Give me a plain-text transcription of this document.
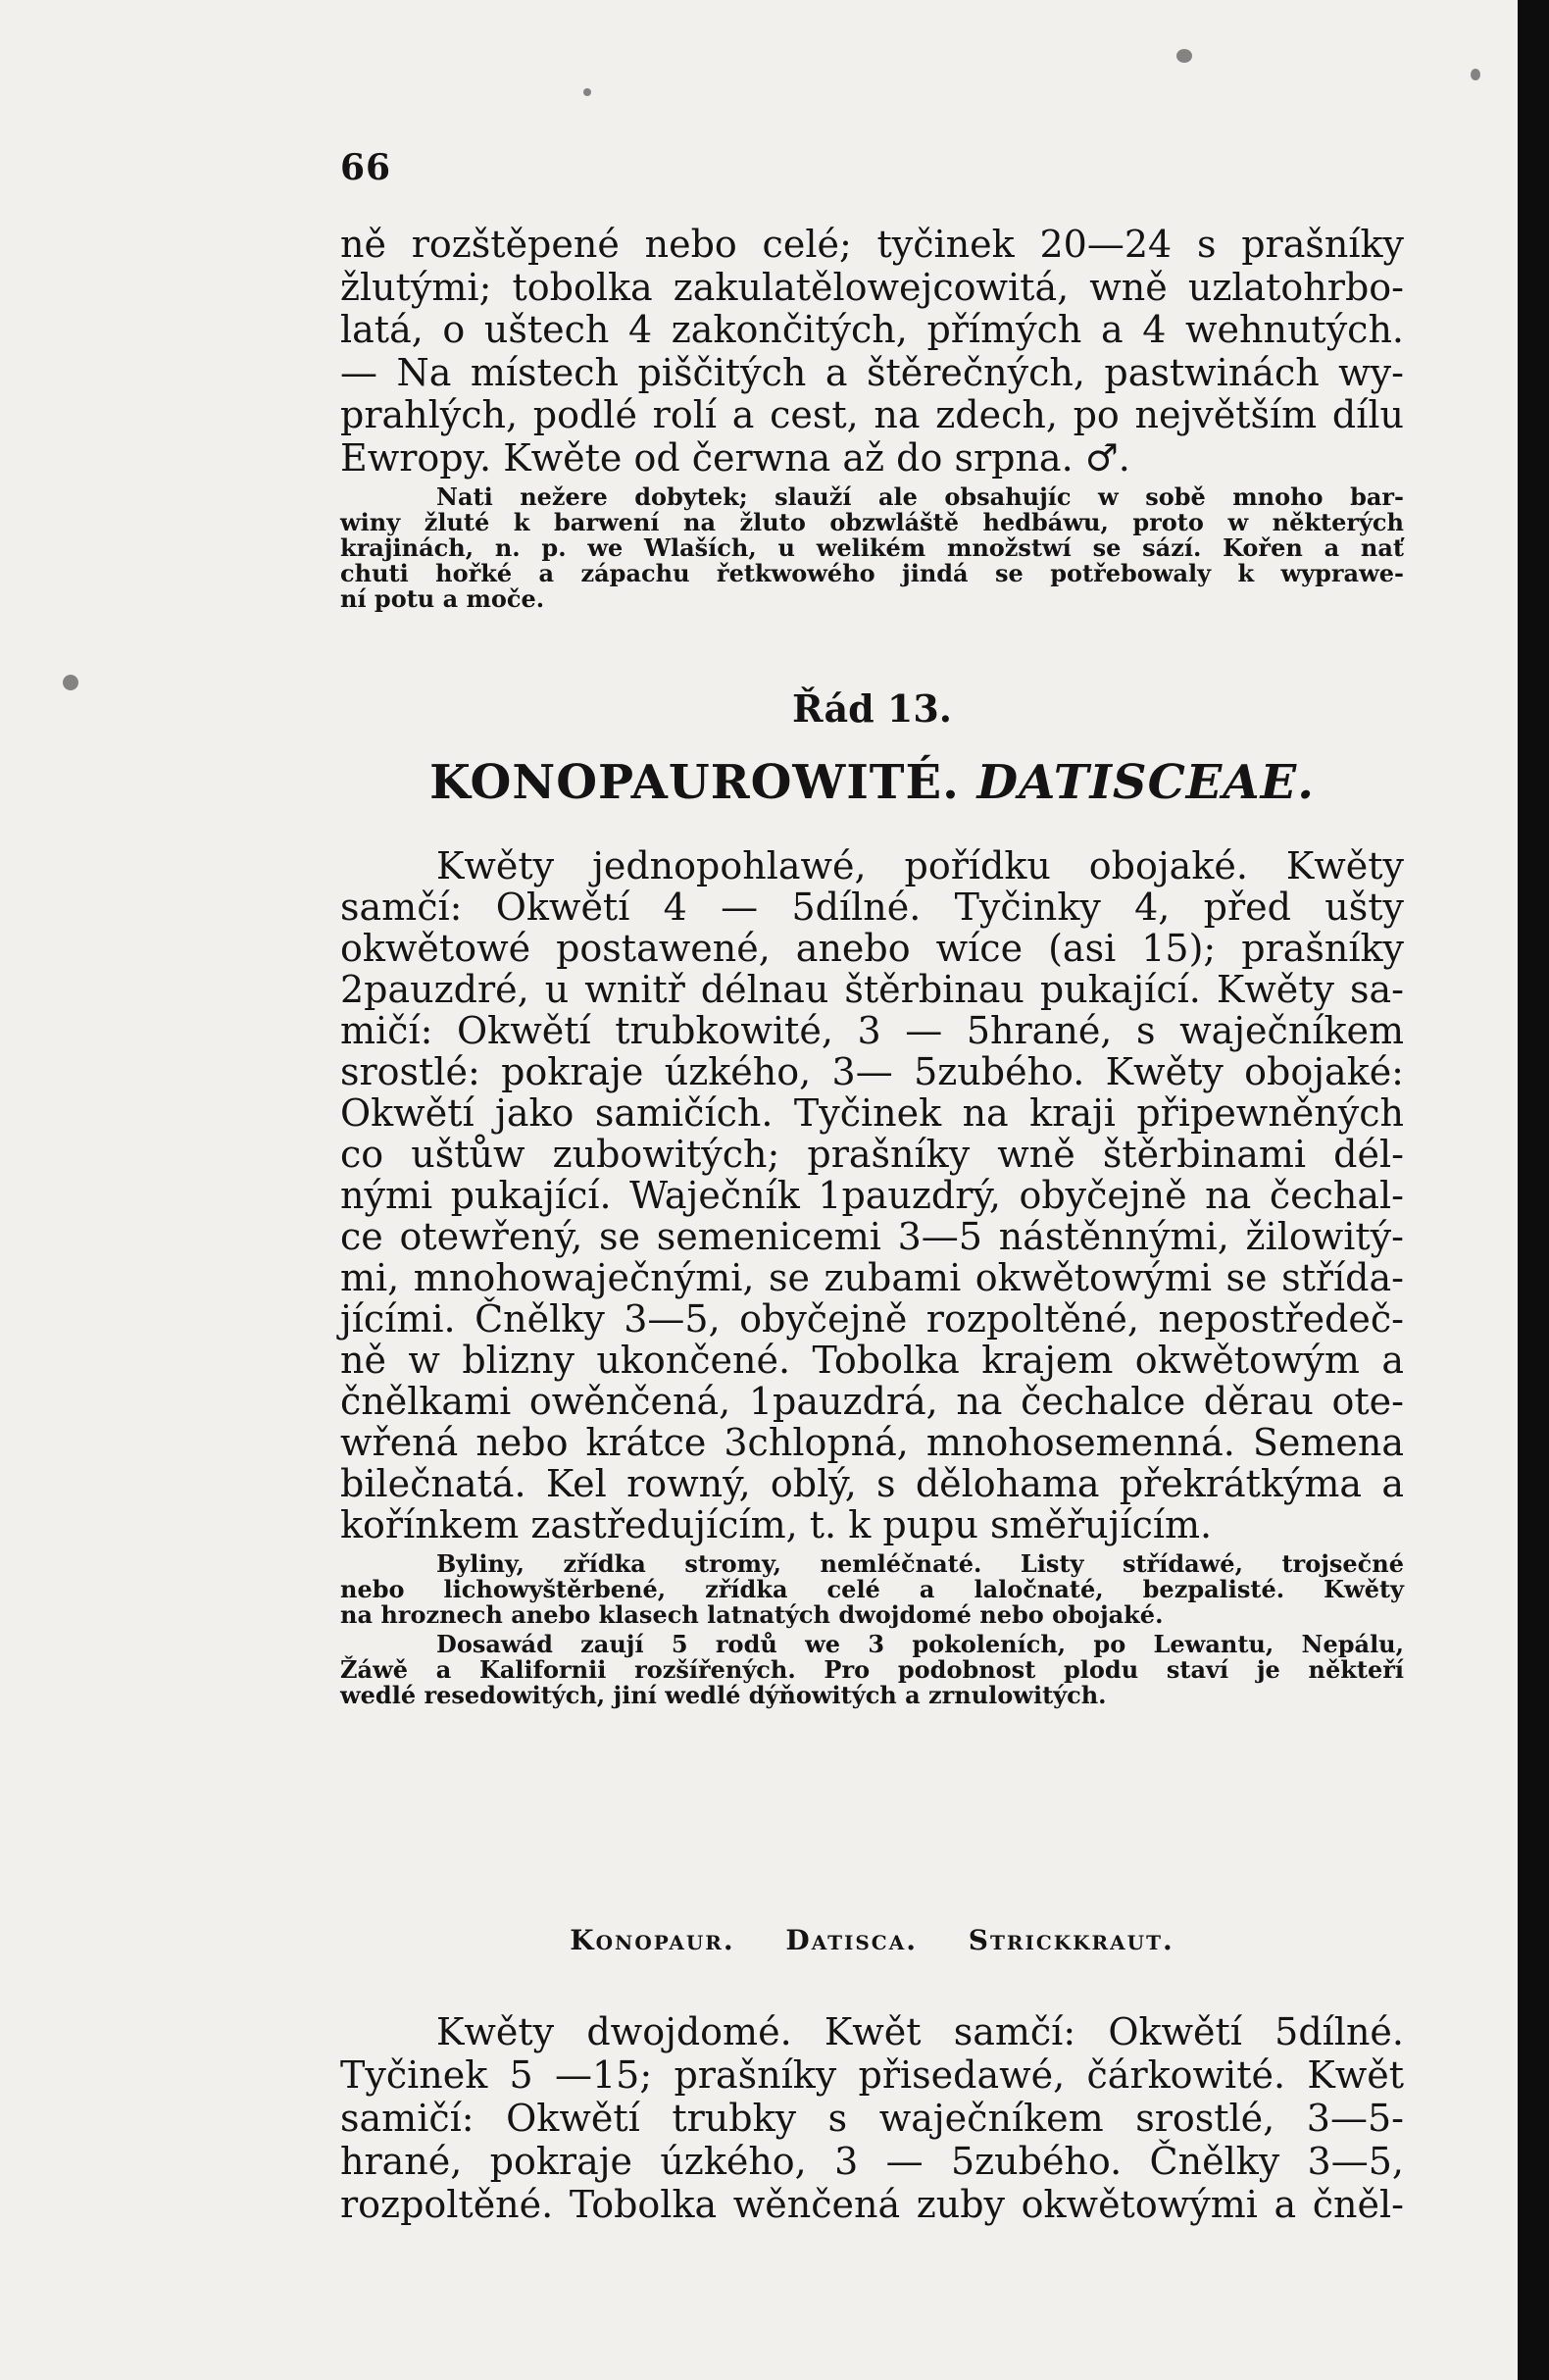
66
ně rozštěpené nebo celé; tyčinek 20—24 s prašníky
žlutými; tobolka zakulatělowejcowitá, wně uzlatohrbo-
latá, o uštech 4 zakončitých, přímých a 4 wehnutých.
— Na místech piščitých a štěrečných, pastwinách wy-
prahlých, podlé rolí a cest, na zdech, po největším dílu
Ewropy. Kwěte od čerwna až do srpna. ♂.
Nati nežere dobytek; slauží ale obsahujíc w sobě mnoho bar-
winy žluté k barwení na žluto obzwláště hedbáwu, proto w některých
krajinách, n. p. we Wlaších, u welikém množstwí se sází. Kořen a nať
chuti hořké a zápachu řetkwowého jindá se potřebowaly k wyprawe-
ní potu a moče.
Řád 13.
KONOPAUROWITÉ. DATISCEAE.
Kwěty jednopohlawé, pořídku obojaké. Kwěty
samčí: Okwětí 4 — 5dílné. Tyčinky 4, před ušty
okwětowé postawené, anebo wíce (asi 15); prašníky
2pauzdré, u wnitř délnau štěrbinau pukající. Kwěty sa-
mičí: Okwětí trubkowité, 3 — 5hrané, s waječníkem
srostlé: pokraje úzkého, 3— 5zubého. Kwěty obojaké:
Okwětí jako samičích. Tyčinek na kraji připewněných
co uštůw zubowitých; prašníky wně štěrbinami dél-
nými pukající. Waječník 1pauzdrý, obyčejně na čechal-
ce otewřený, se semenicemi 3—5 nástěnnými, žilowitý-
mi, mnohowaječnými, se zubami okwětowými se střída-
jícími. Čnělky 3—5, obyčejně rozpoltěné, nepostředeč-
ně w blizny ukončené. Tobolka krajem okwětowým a
čnělkami owěnčená, 1pauzdrá, na čechalce děrau ote-
wřená nebo krátce 3chlopná, mnohosemenná. Semena
bilečnatá. Kel rowný, oblý, s dělohama překrátkýma a
kořínkem zastředujícím, t. k pupu směřujícím.
Byliny, zřídka stromy, nemléčnaté. Listy střídawé, trojsečné
nebo lichowyštěrbené, zřídka celé a laločnaté, bezpalisté. Kwěty
na hroznech anebo klasech latnatých dwojdomé nebo obojaké.
Dosawád zaují 5 rodů we 3 pokoleních, po Lewantu, Nepálu,
Žáwě a Kalifornii rozšířených. Pro podobnost plodu staví je někteří
wedlé resedowitých, jiní wedlé dýňowitých a zrnulowitých.
Konopaur. Datisca. Strickkraut.
Kwěty dwojdomé. Kwět samčí: Okwětí 5dílné.
Tyčinek 5 —15; prašníky přisedawé, čárkowité. Kwět
samičí: Okwětí trubky s waječníkem srostlé, 3—5-
hrané, pokraje úzkého, 3 — 5zubého. Čnělky 3—5,
rozpoltěné. Tobolka wěnčená zuby okwětowými a čněl-
